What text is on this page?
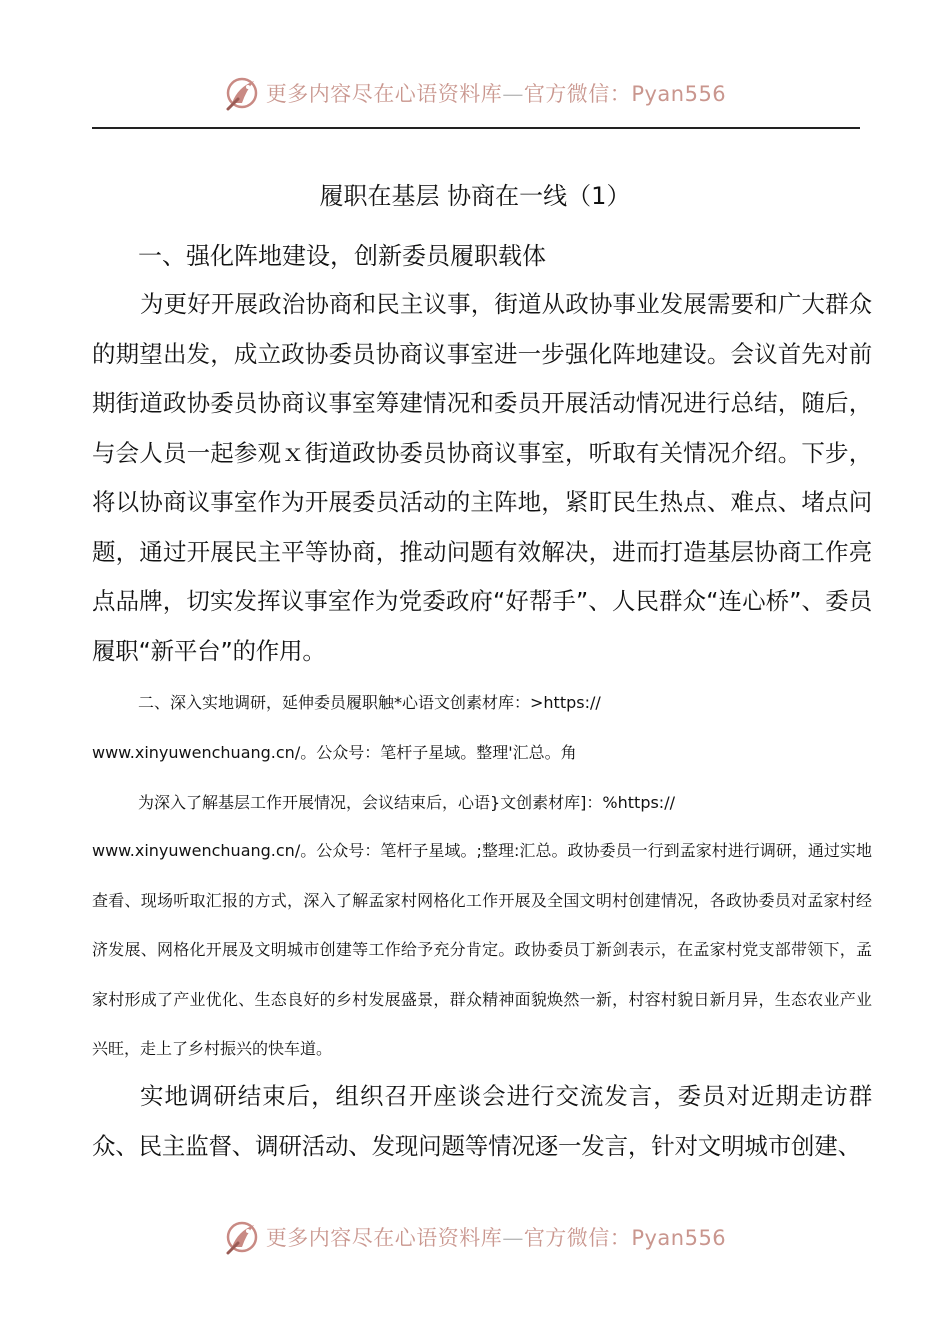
更多内容尽在心语资料库—官方微信：Pyan556
履职在基层 协商在一线（1）
一、强化阵地建设，创新委员履职载体
为更好开展政治协商和民主议事，街道从政协事业发展需要和广大群众的期望出发，成立政协委员协商议事室进一步强化阵地建设。会议首先对前期街道政协委员协商议事室筹建情况和委员开展活动情况进行总结，随后，与会人员一起参观ｘ街道政协委员协商议事室，听取有关情况介绍。下步，将以协商议事室作为开展委员活动的主阵地，紧盯民生热点、难点、堵点问题，通过开展民主平等协商，推动问题有效解决，进而打造基层协商工作亮点品牌，切实发挥议事室作为党委政府“好帮手”、人民群众“连心桥”、委员履职“新平台”的作用。
二、深入实地调研，延伸委员履职触*心语文创素材库：>https://
www.xinyuwenchuang.cn/。公众号：笔杆子星域。整理'汇总。角
为深入了解基层工作开展情况，会议结束后，心语}文创素材库]：%https://
www.xinyuwenchuang.cn/。公众号：笔杆子星域。;整理:汇总。政协委员一行到孟家村进行调研，通过实地查看、现场听取汇报的方式，深入了解孟家村网格化工作开展及全国文明村创建情况，各政协委员对孟家村经济发展、网格化开展及文明城市创建等工作给予充分肯定。政协委员丁新剑表示，在孟家村党支部带领下，孟家村形成了产业优化、生态良好的乡村发展盛景，群众精神面貌焕然一新，村容村貌日新月异，生态农业产业兴旺，走上了乡村振兴的快车道。
实地调研结束后，组织召开座谈会进行交流发言，委员对近期走访群众、民主监督、调研活动、发现问题等情况逐一发言，针对文明城市创建、
更多内容尽在心语资料库—官方微信：Pyan556
